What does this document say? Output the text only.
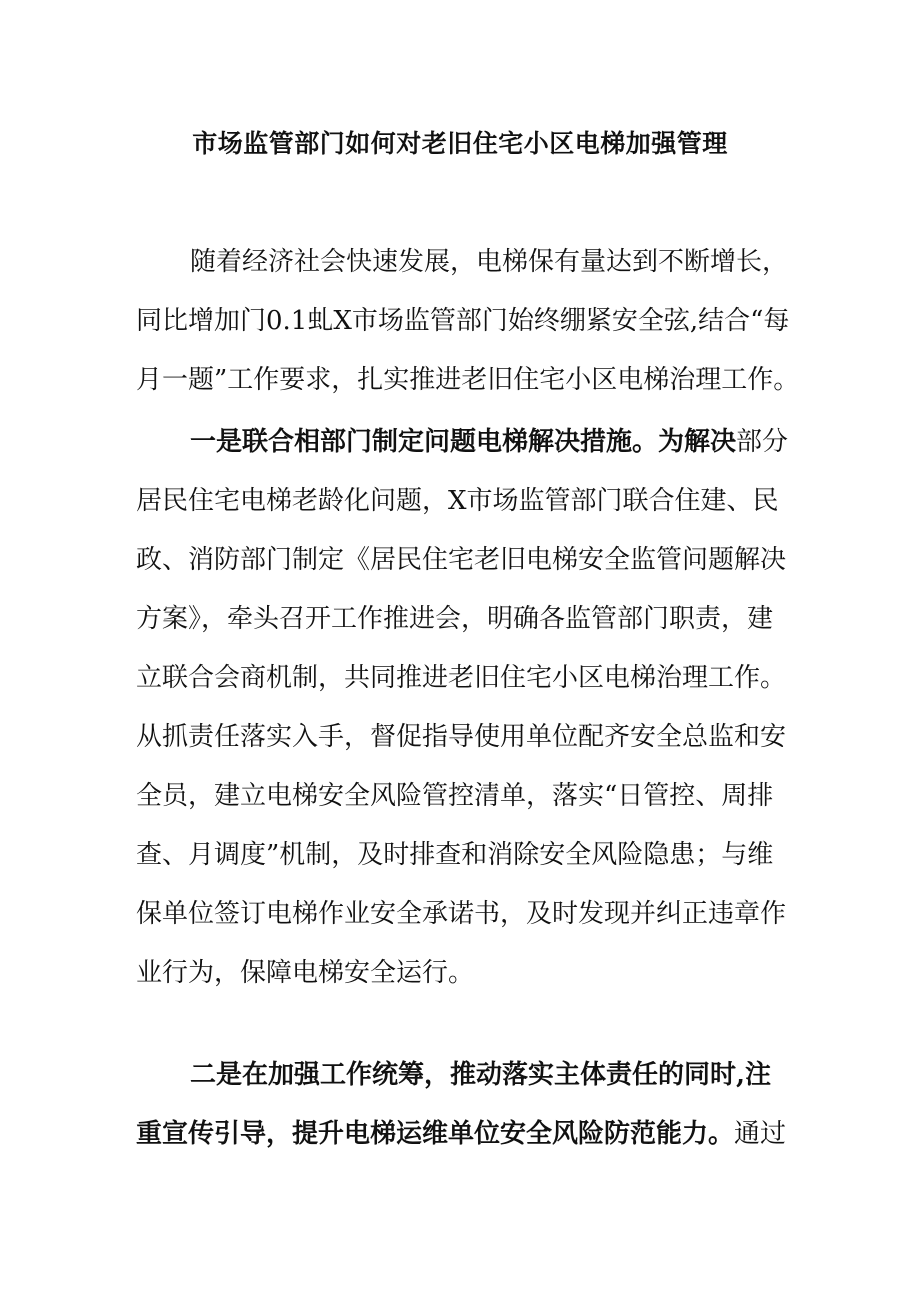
市场监管部门如何对老旧住宅小区电梯加强管理

随着经济社会快速发展，电梯保有量达到不断增长，

同比增加门0.1虬X市场监管部门始终绷紧安全弦,结合“每

月一题”工作要求，扎实推进老旧住宅小区电梯治理工作。

一是联合相部门制定问题电梯解决措施。为解决部分

居民住宅电梯老龄化问题，X市场监管部门联合住建、民

政、消防部门制定《居民住宅老旧电梯安全监管问题解决

方案》，牵头召开工作推进会，明确各监管部门职责，建

立联合会商机制，共同推进老旧住宅小区电梯治理工作。

从抓责任落实入手，督促指导使用单位配齐安全总监和安

全员，建立电梯安全风险管控清单，落实“日管控、周排

查、月调度”机制，及时排查和消除安全风险隐患；与维

保单位签订电梯作业安全承诺书，及时发现并纠正违章作

业行为，保障电梯安全运行。

二是在加强工作统筹，推动落实主体责任的同时,注

重宣传引导，提升电梯运维单位安全风险防范能力。通过
